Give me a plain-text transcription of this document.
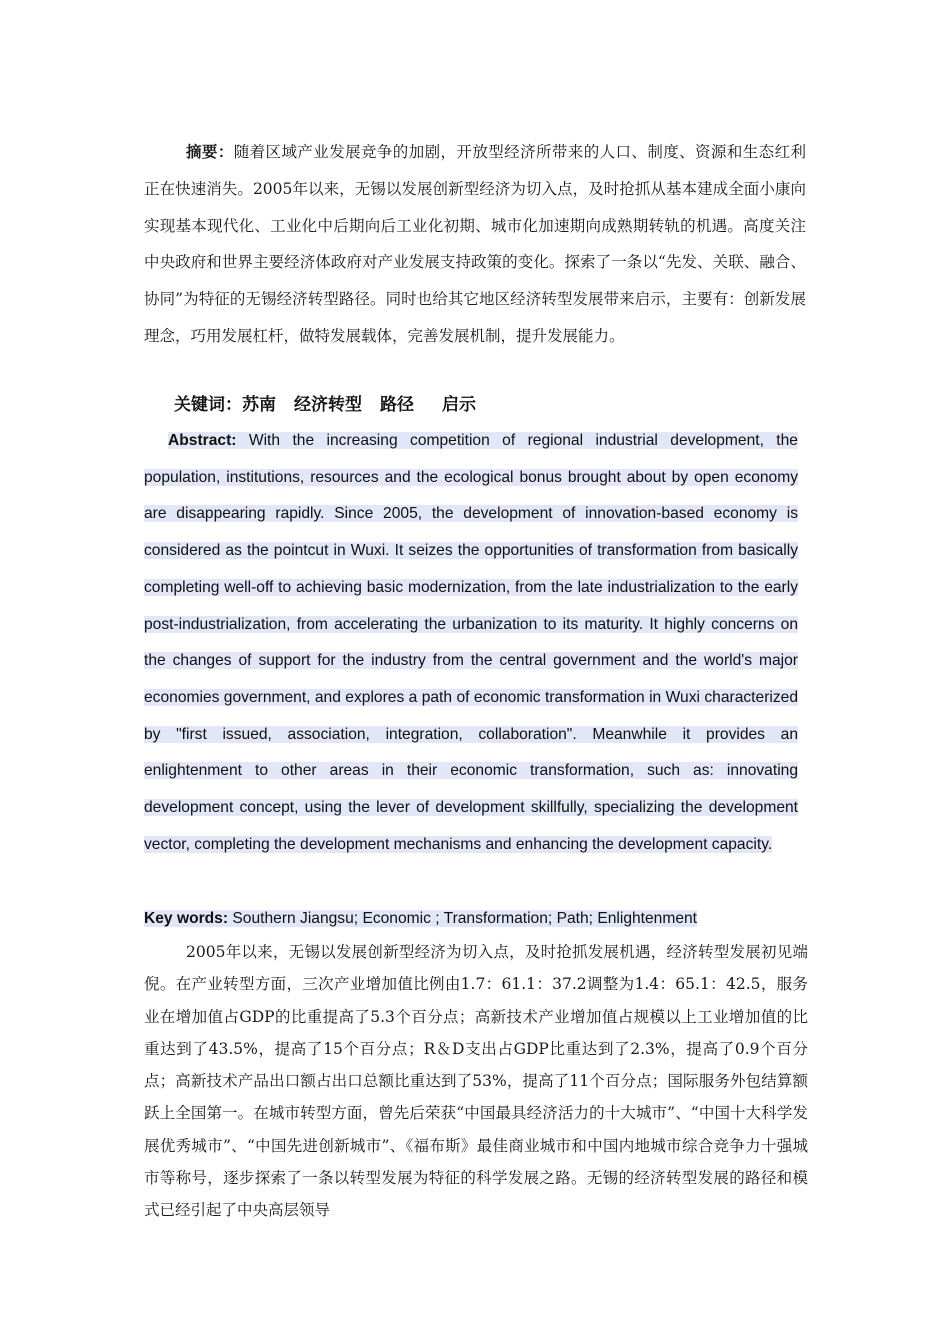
摘要：随着区域产业发展竞争的加剧，开放型经济所带来的人口、制度、资源和生态红利正在快速消失。2005年以来，无锡以发展创新型经济为切入点，及时抢抓从基本建成全面小康向实现基本现代化、工业化中后期向后工业化初期、城市化加速期向成熟期转轨的机遇。高度关注中央政府和世界主要经济体政府对产业发展支持政策的变化。探索了一条以“先发、关联、融合、协同”为特征的无锡经济转型路径。同时也给其它地区经济转型发展带来启示，主要有：创新发展理念，巧用发展杠杆，做特发展载体，完善发展机制，提升发展能力。

关键词：苏南 经济转型 路径 启示

Abstract: With the increasing competition of regional industrial development, the population, institutions, resources and the ecological bonus brought about by open economy are disappearing rapidly. Since 2005, the development of innovation-based economy is considered as the pointcut in Wuxi. It seizes the opportunities of transformation from basically completing well-off to achieving basic modernization, from the late industrialization to the early post-industrialization, from accelerating the urbanization to its maturity. It highly concerns on the changes of support for the industry from the central government and the world's major economies government, and explores a path of economic transformation in Wuxi characterized by "first issued, association, integration, collaboration". Meanwhile it provides an enlightenment to other areas in their economic transformation, such as: innovating development concept, using the lever of development skillfully, specializing the development vector, completing the development mechanisms and enhancing the development capacity.

Key words: Southern Jiangsu; Economic ; Transformation; Path; Enlightenment

2005年以来，无锡以发展创新型经济为切入点，及时抢抓发展机遇，经济转型发展初见端倪。在产业转型方面，三次产业增加值比例由1.7：61.1：37.2调整为1.4：65.1：42.5，服务业在增加值占GDP的比重提高了5.3个百分点；高新技术产业增加值占规模以上工业增加值的比重达到了43.5%，提高了15个百分点；R＆D支出占GDP比重达到了2.3%，提高了0.9个百分点；高新技术产品出口额占出口总额比重达到了53%，提高了11个百分点；国际服务外包结算额跃上全国第一。在城市转型方面，曾先后荣获“中国最具经济活力的十大城市”、“中国十大科学发展优秀城市”、“中国先进创新城市”、《福布斯》最佳商业城市和中国内地城市综合竞争力十强城市等称号，逐步探索了一条以转型发展为特征的科学发展之路。无锡的经济转型发展的路径和模式已经引起了中央高层领导
